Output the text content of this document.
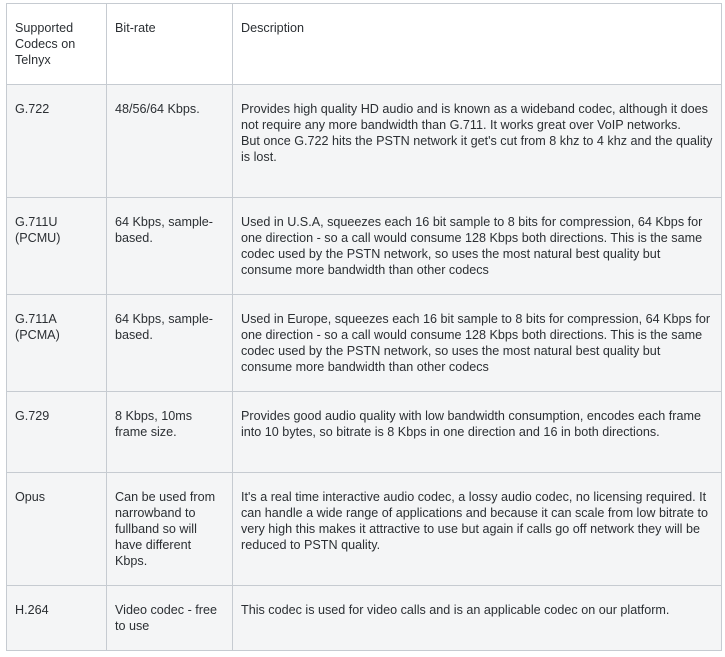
Supported Codecs on Telnyx	Bit-rate	Description
G.722	48/56/64 Kbps.	Provides high quality HD audio and is known as a wideband codec, although it does not require any more bandwidth than G.711. It works great over VoIP networks.
But once G.722 hits the PSTN network it get's cut from 8 khz to 4 khz and the quality is lost.

G.711U (PCMU)	64 Kbps, sample-based.	Used in U.S.A, squeezes each 16 bit sample to 8 bits for compression, 64 Kbps for one direction - so a call would consume 128 Kbps both directions. This is the same codec used by the PSTN network, so uses the most natural best quality but consume more bandwidth than other codecs

G.711A (PCMA)	64 Kbps, sample-based.	Used in Europe, squeezes each 16 bit sample to 8 bits for compression, 64 Kbps for one direction - so a call would consume 128 Kbps both directions. This is the same codec used by the PSTN network, so uses the most natural best quality but consume more bandwidth than other codecs

G.729	8 Kbps, 10ms frame size.	Provides good audio quality with low bandwidth consumption, encodes each frame into 10 bytes, so bitrate is 8 Kbps in one direction and 16 in both directions.

Opus	Can be used from narrowband to fullband so will have different Kbps.	It's a real time interactive audio codec, a lossy audio codec, no licensing required. It can handle a wide range of applications and because it can scale from low bitrate to very high this makes it attractive to use but again if calls go off network they will be reduced to PSTN quality.

H.264	Video codec - free to use	This codec is used for video calls and is an applicable codec on our platform.
